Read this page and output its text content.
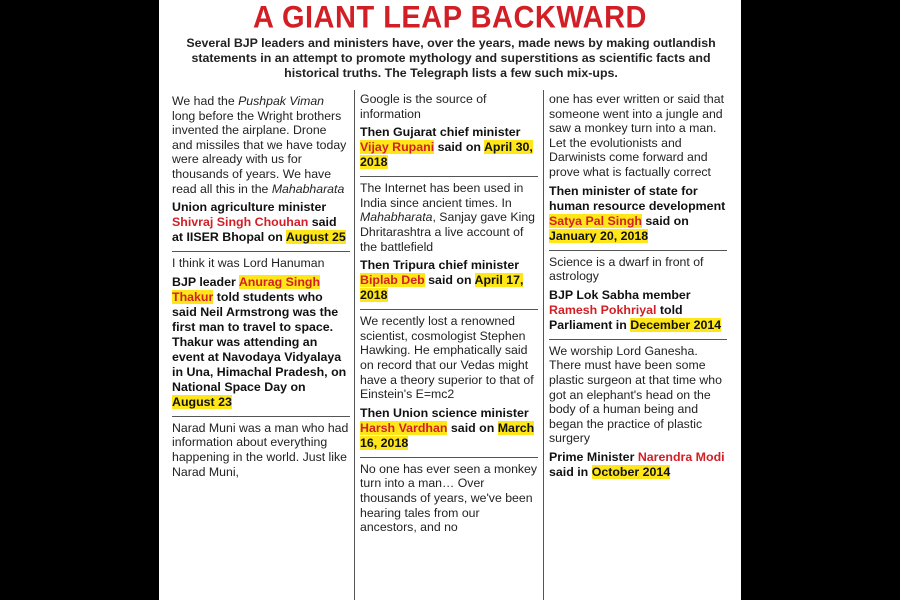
A GIANT LEAP BACKWARD
Several BJP leaders and ministers have, over the years, made news by making outlandish statements in an attempt to promote mythology and superstitions as scientific facts and historical truths. The Telegraph lists a few such mix-ups.

We had the Pushpak Viman long before the Wright brothers invented the airplane. Drone and missiles that we have today were already with us for thousands of years. We have read all this in the Mahabharata

Union agriculture minister Shivraj Singh Chouhan said at IISER Bhopal on August 25

I think it was Lord Hanuman

BJP leader Anurag Singh Thakur told students who said Neil Armstrong was the first man to travel to space. Thakur was attending an event at Navodaya Vidyalaya in Una, Himachal Pradesh, on National Space Day on August 23

Narad Muni was a man who had information about everything happening in the world. Just like Narad Muni,

Google is the source of information

Then Gujarat chief minister Vijay Rupani said on April 30, 2018

The Internet has been used in India since ancient times. In Mahabharata, Sanjay gave King Dhritarashtra a live account of the battlefield

Then Tripura chief minister Biplab Deb said on April 17, 2018

We recently lost a renowned scientist, cosmologist Stephen Hawking. He emphatically said on record that our Vedas might have a theory superior to that of Einstein's E=mc2

Then Union science minister Harsh Vardhan said on March 16, 2018

No one has ever seen a monkey turn into a man… Over thousands of years, we've been hearing tales from our ancestors, and no

one has ever written or said that someone went into a jungle and saw a monkey turn into a man. Let the evolutionists and Darwinists come forward and prove what is factually correct

Then minister of state for human resource development Satya Pal Singh said on January 20, 2018

Science is a dwarf in front of astrology

BJP Lok Sabha member Ramesh Pokhriyal told Parliament in December 2014

We worship Lord Ganesha. There must have been some plastic surgeon at that time who got an elephant's head on the body of a human being and began the practice of plastic surgery

Prime Minister Narendra Modi said in October 2014
